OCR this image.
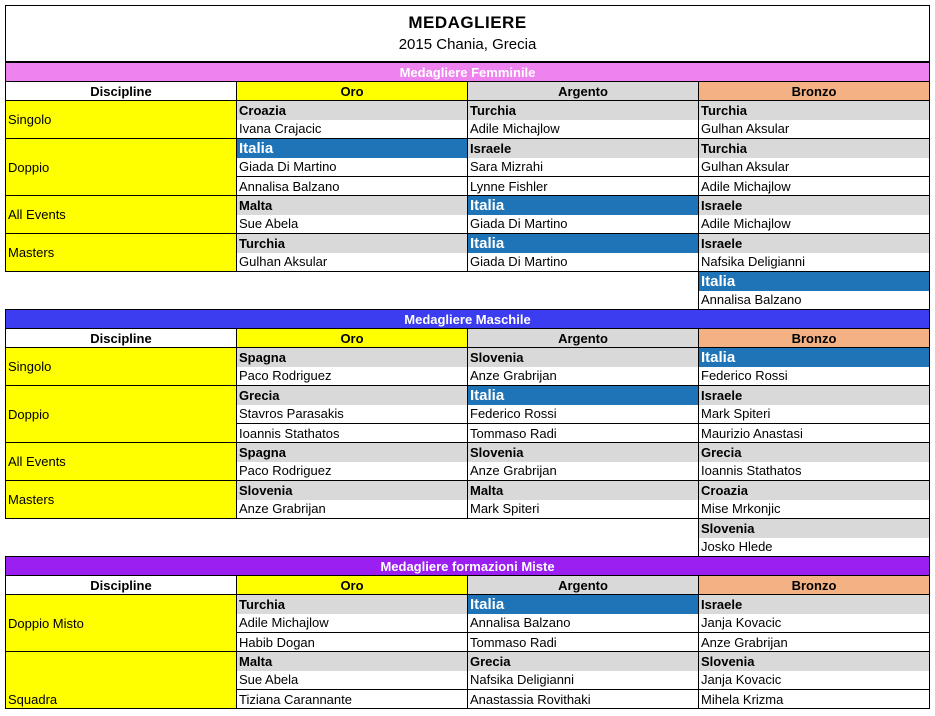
MEDAGLIERE
2015 Chania, Grecia
Medagliere Femminile			
Discipline	Oro	Argento	Bronzo
Singolo	Croazia	Turchia	Turchia
	Ivana Crajacic	Adile Michajlow	Gulhan Aksular
Doppio	Italia	Israele	Turchia
	Giada Di Martino	Sara Mizrahi	Gulhan Aksular
	Annalisa Balzano	Lynne Fishler	Adile Michajlow
All Events	Malta	Italia	Israele
	Sue Abela	Giada Di Martino	Adile Michajlow
Masters	Turchia	Italia	Israele
	Gulhan Aksular	Giada Di Martino	Nafsika Deligianni
			Italia
			Annalisa Balzano
Medagliere Maschile			
Discipline	Oro	Argento	Bronzo
Singolo	Spagna	Slovenia	Italia
	Paco Rodriguez	Anze Grabrijan	Federico Rossi
Doppio	Grecia	Italia	Israele
	Stavros Parasakis	Federico Rossi	Mark Spiteri
	Ioannis Stathatos	Tommaso Radi	Maurizio Anastasi
All Events	Spagna	Slovenia	Grecia
	Paco Rodriguez	Anze Grabrijan	Ioannis Stathatos
Masters	Slovenia	Malta	Croazia
	Anze Grabrijan	Mark Spiteri	Mise Mrkonjic
			Slovenia
			Josko Hlede
Medagliere formazioni Miste			
Discipline	Oro	Argento	Bronzo
Doppio Misto	Turchia	Italia	Israele
	Adile Michajlow	Annalisa Balzano	Janja Kovacic
	Habib Dogan	Tommaso Radi	Anze Grabrijan
Squadra	Malta	Grecia	Slovenia
	Sue Abela	Nafsika Deligianni	Janja Kovacic
	Tiziana Carannante	Anastassia Rovithaki	Mihela Krizma
